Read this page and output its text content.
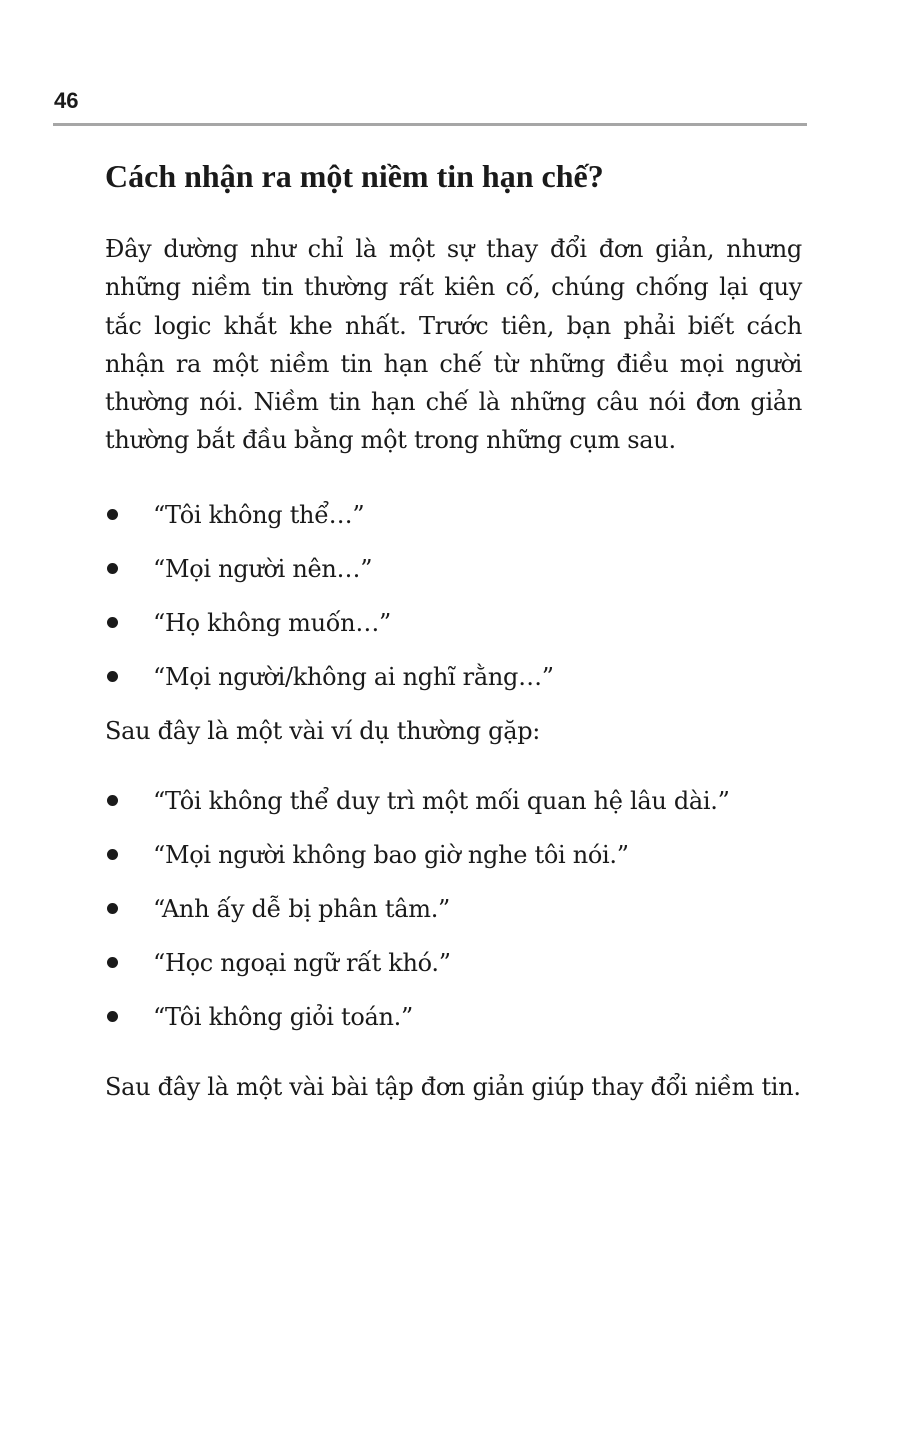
46
Cách nhận ra một niềm tin hạn chế?

Đây dường như chỉ là một sự thay đổi đơn giản, nhưng những niềm tin thường rất kiên cố, chúng chống lại quy tắc logic khắt khe nhất. Trước tiên, bạn phải biết cách nhận ra một niềm tin hạn chế từ những điều mọi người thường nói. Niềm tin hạn chế là những câu nói đơn giản thường bắt đầu bằng một trong những cụm sau.

“Tôi không thể…”
“Mọi người nên…”
“Họ không muốn…”
“Mọi người/không ai nghĩ rằng…”

Sau đây là một vài ví dụ thường gặp:

“Tôi không thể duy trì một mối quan hệ lâu dài.”
“Mọi người không bao giờ nghe tôi nói.”
“Anh ấy dễ bị phân tâm.”
“Học ngoại ngữ rất khó.”
“Tôi không giỏi toán.”

Sau đây là một vài bài tập đơn giản giúp thay đổi niềm tin.
